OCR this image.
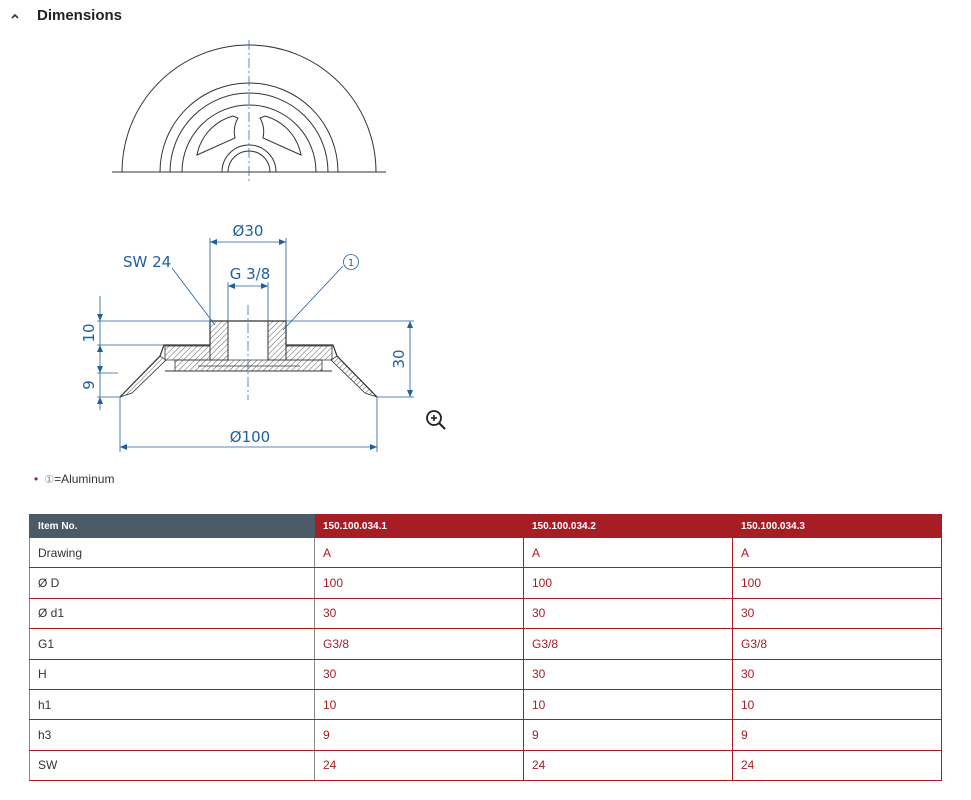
Dimensions
Ø30
SW 24
G 3/8
Ø100
10
9
30
1
• ① =Aluminum
Item No.	150.100.034.1	150.100.034.2	150.100.034.3
Drawing	A	A	A
Ø D	100	100	100
Ø d1	30	30	30
G1	G3/8	G3/8	G3/8
H	30	30	30
h1	10	10	10
h3	9	9	9
SW	24	24	24
